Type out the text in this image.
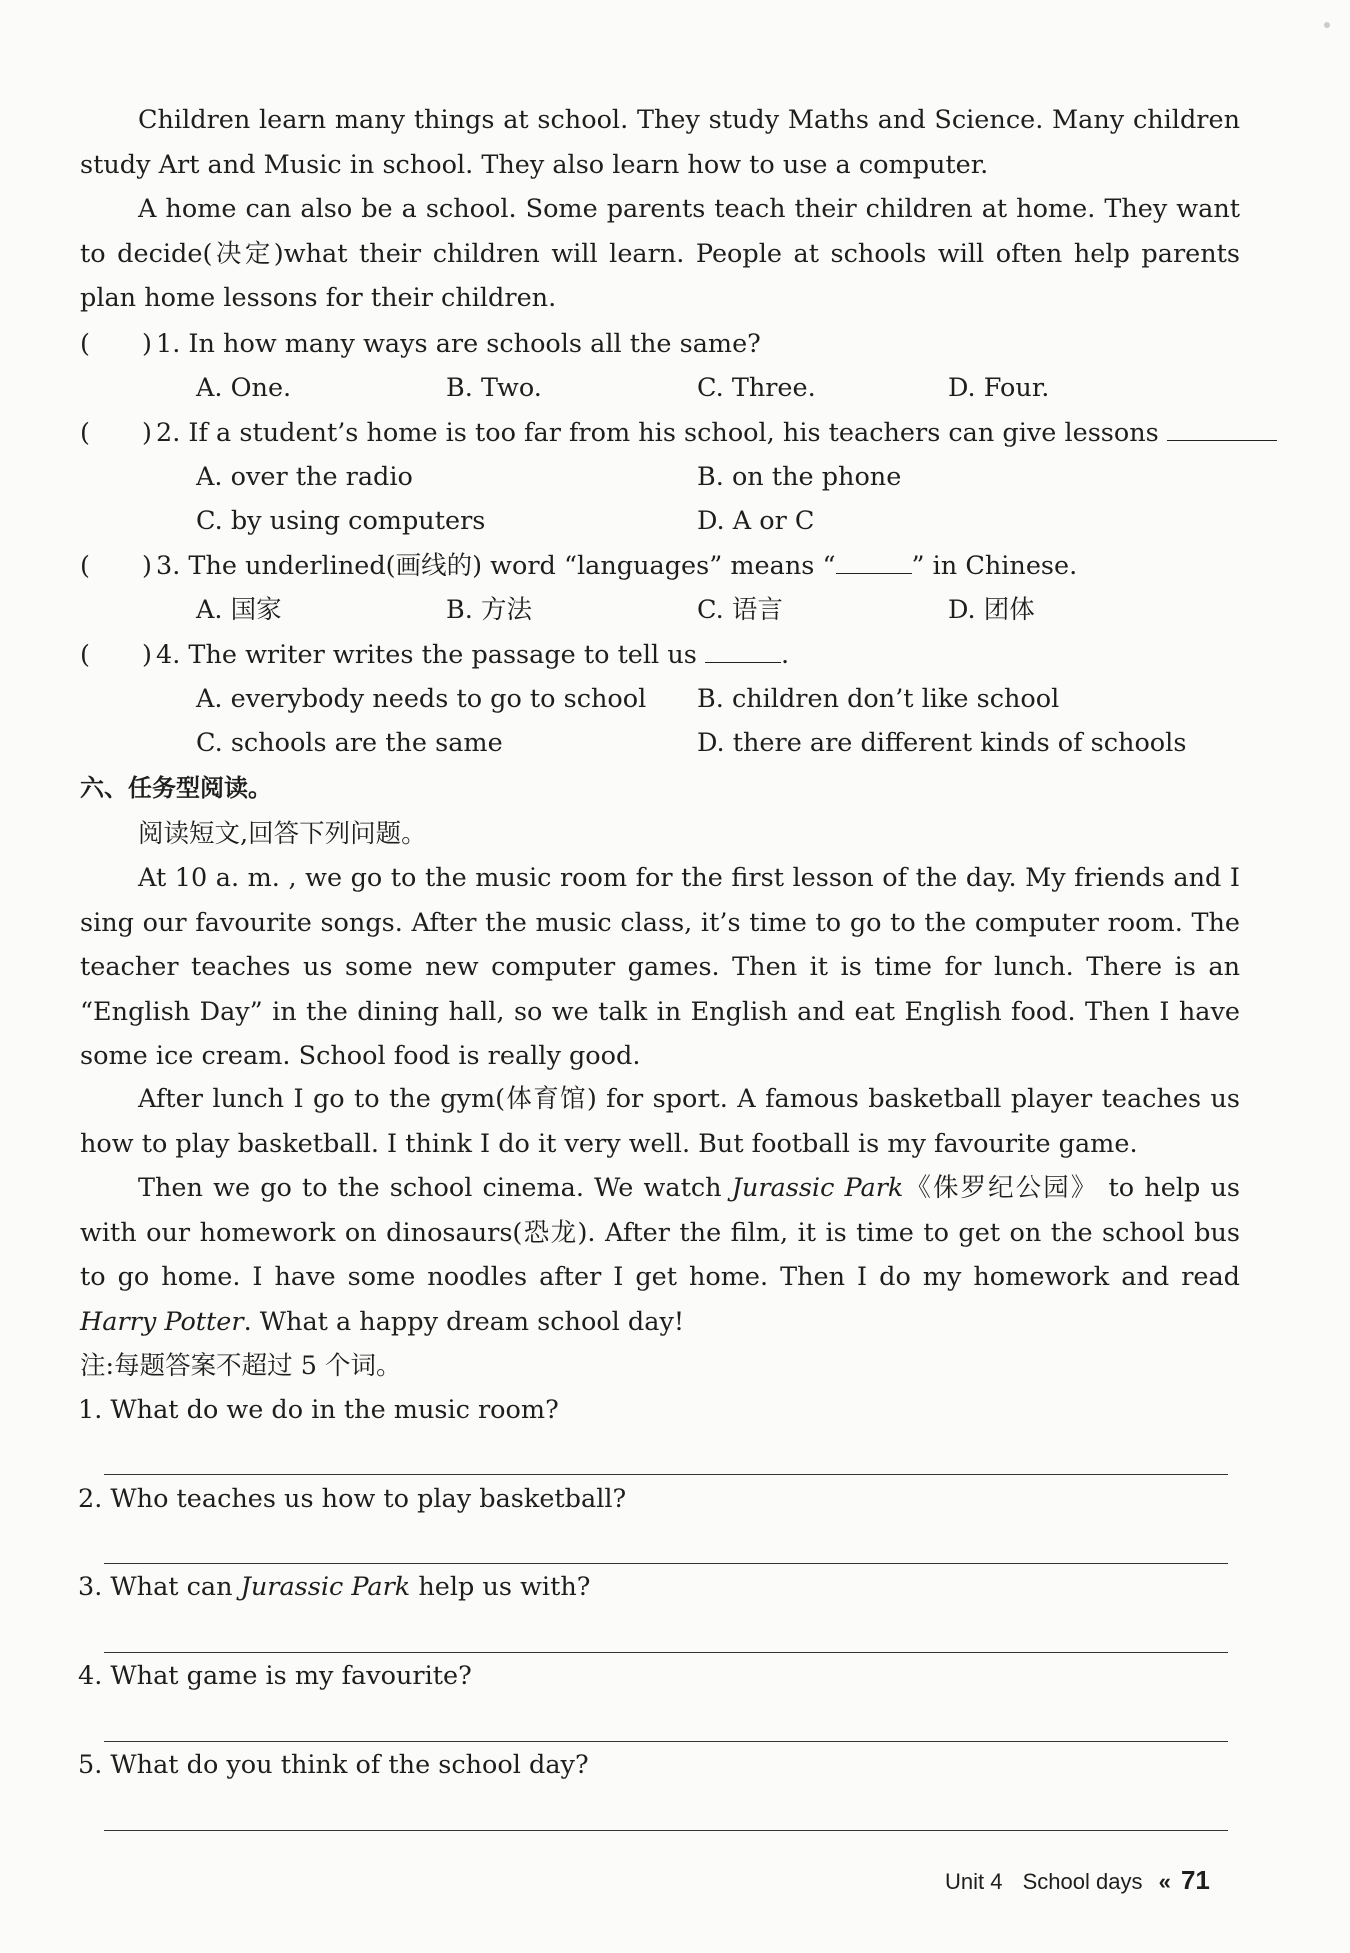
Children learn many things at school. They study Maths and Science. Many children study Art and Music in school. They also learn how to use a computer.
A home can also be a school. Some parents teach their children at home. They want to decide(决定)what their children will learn. People at schools will often help parents plan home lessons for their children.
( ) 1. In how many ways are schools all the same?
A. One.	B. Two.	C. Three.	D. Four.
( ) 2. If a student’s home is too far from his school, his teachers can give lessons
A. over the radio	B. on the phone
C. by using computers	D. A or C
( ) 3. The underlined(画线的) word “languages” means “	” in Chinese.
A. 国家	B. 方法	C. 语言	D. 团体
( ) 4. The writer writes the passage to tell us	.
A. everybody needs to go to school B. children don’t like school
C. schools are the same	D. there are different kinds of schools
六、任务型阅读。
阅读短文,回答下列问题。
At 10 a. m. , we go to the music room for the first lesson of the day. My friends and I sing our favourite songs. After the music class, it’s time to go to the computer room. The teacher teaches us some new computer games. Then it is time for lunch. There is an “English Day” in the dining hall, so we talk in English and eat English food. Then I have some ice cream. School food is really good.
After lunch I go to the gym(体育馆) for sport. A famous basketball player teaches us how to play basketball. I think I do it very well. But football is my favourite game.
Then we go to the school cinema. We watch Jurassic Park《侏罗纪公园》 to help us with our homework on dinosaurs(恐龙). After the film, it is time to get on the school bus to go home. I have some noodles after I get home. Then I do my homework and read Harry Potter. What a happy dream school day!
注:每题答案不超过 5 个词。
1. What do we do in the music room?
2. Who teaches us how to play basketball?
3. What can Jurassic Park help us with?
4. What game is my favourite?
5. What do you think of the school day?
Unit 4 School days « 71
